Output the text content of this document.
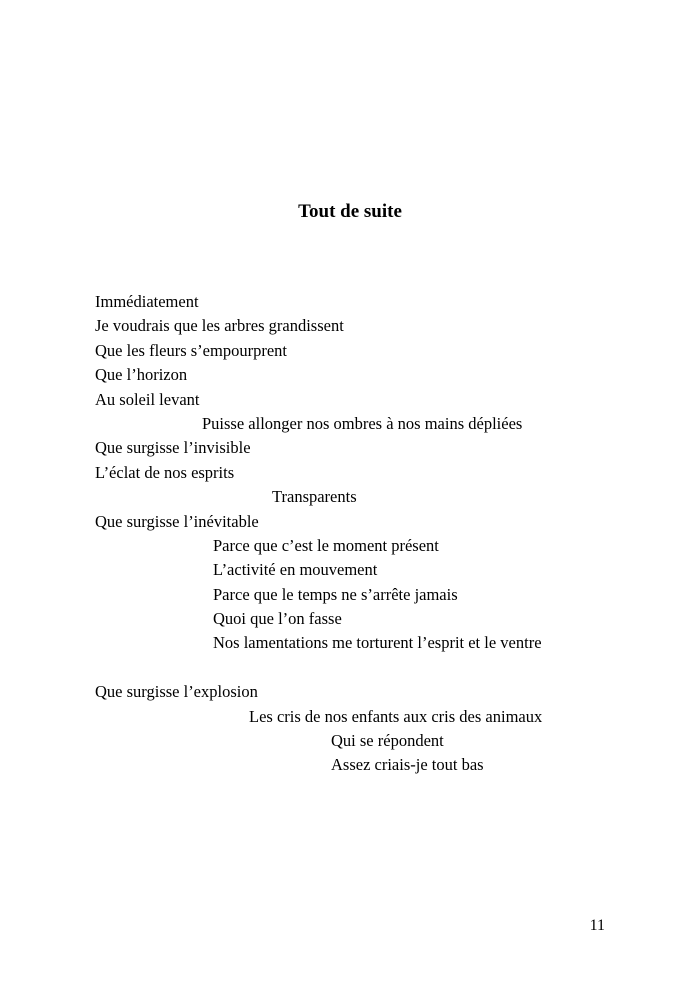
Tout de suite
Immédiatement
Je voudrais que les arbres grandissent
Que les fleurs s’empourprent
Que l’horizon
Au soleil levant
Puisse allonger nos ombres à nos mains dépliées
Que surgisse l’invisible
L’éclat de nos esprits
Transparents
Que surgisse l’inévitable
Parce que c’est le moment présent
L’activité en mouvement
Parce que le temps ne s’arrête jamais
Quoi que l’on fasse
Nos lamentations me torturent l’esprit et le ventre
Que surgisse l’explosion
Les cris de nos enfants aux cris des animaux
Qui se répondent
Assez criais-je tout bas
11
